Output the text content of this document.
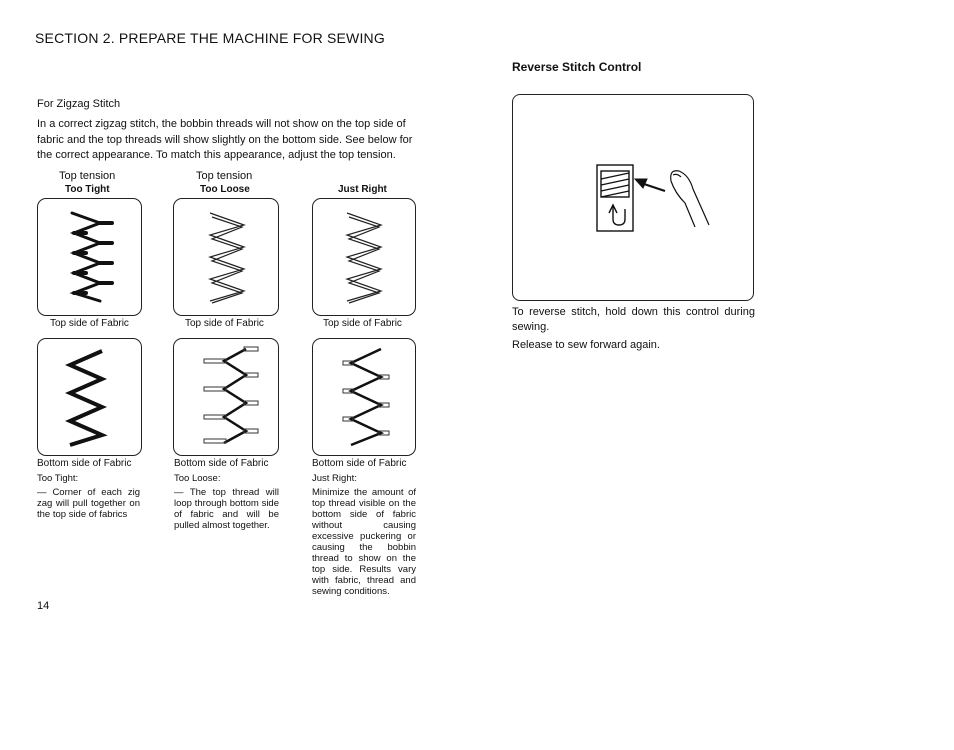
SECTION 2. PREPARE THE MACHINE FOR SEWING
For Zigzag Stitch
In a correct zigzag stitch, the bobbin threads will not show on the top side of fabric and the top threads will show slightly on the bottom side. See below for the correct appearance. To match this appearance, adjust the top tension.
Top tension
Too Tight
Top tension
Too Loose	Just Right
Top side of Fabric	Top side of Fabric	Top side of Fabric
Bottom side of Fabric	Bottom side of Fabric	Bottom side of Fabric
Too Tight:
— Corner of each zig zag will pull together on the top side of fabrics
Too Loose:
— The top thread will loop through bottom side of fabric and will be pulled almost together.
Just Right:
Minimize the amount of top thread visible on the bottom side of fabric without causing excessive puckering or causing the bobbin thread to show on the top side. Results vary with fabric, thread and sewing conditions.
14
Reverse Stitch Control
To reverse stitch, hold down this control during sewing.
Release to sew forward again.
